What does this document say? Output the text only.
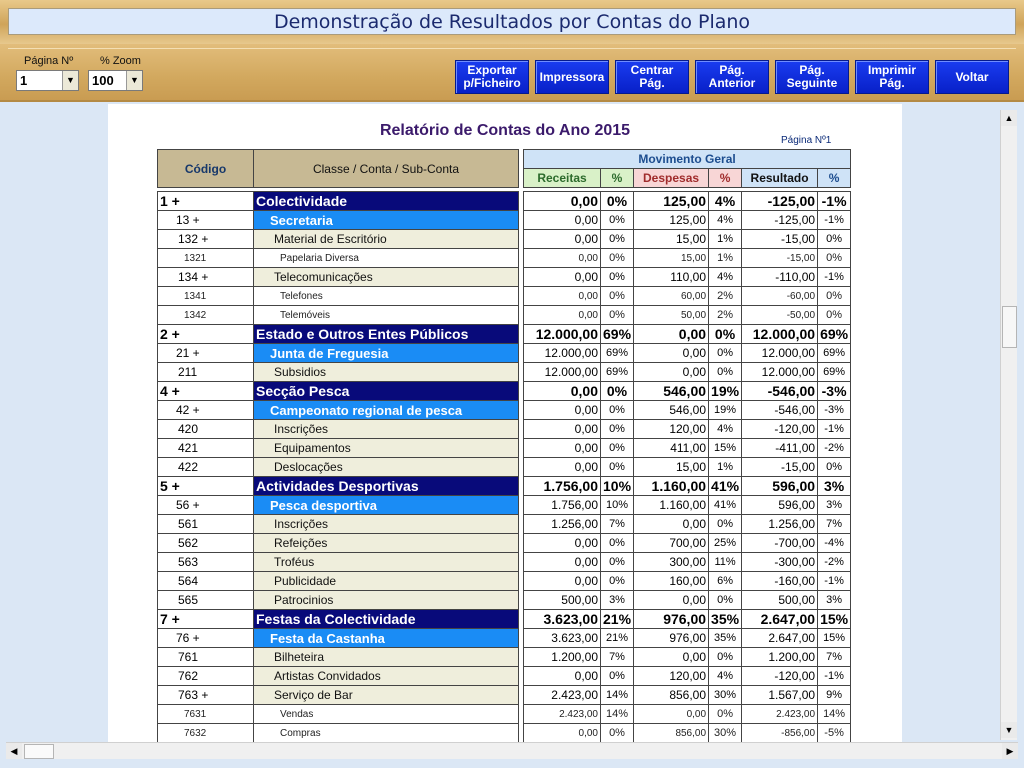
Demonstração de Resultados por Contas do Plano
Página Nº
1	▼
% Zoom
100	▼
Exportar
p/Ficheiro Impressora Centrar
Pág.
Pág.
Anterior
Pág.
Seguinte
Imprimir
Pág.	Voltar
Relatório de Contas do Ano 2015
Página Nº1
Código	Classe / Conta / Sub-Conta		Movimento Geral					
			Receitas	%	Despesas	%	Resultado	%

1 +	Colectividade		0,00	0%	125,00	4%	-125,00	-1%
13 +	Secretaria		0,00	0%	125,00	4%	-125,00	-1%
132 +	Material de Escritório		0,00	0%	15,00	1%	-15,00	0%
1321	Papelaria Diversa		0,00	0%	15,00	1%	-15,00	0%
134 +	Telecomunicações		0,00	0%	110,00	4%	-110,00	-1%
1341	Telefones		0,00	0%	60,00	2%	-60,00	0%
1342	Telemóveis		0,00	0%	50,00	2%	-50,00	0%
2 +	Estado e Outros Entes Públicos		12.000,00	69%	0,00	0%	12.000,00	69%
21 +	Junta de Freguesia		12.000,00	69%	0,00	0%	12.000,00	69%
211	Subsidios		12.000,00	69%	0,00	0%	12.000,00	69%
4 +	Secção Pesca		0,00	0%	546,00	19%	-546,00	-3%
42 +	Campeonato regional de pesca		0,00	0%	546,00	19%	-546,00	-3%
420	Inscrições		0,00	0%	120,00	4%	-120,00	-1%
421	Equipamentos		0,00	0%	411,00	15%	-411,00	-2%
422	Deslocações		0,00	0%	15,00	1%	-15,00	0%
5 +	Actividades Desportivas		1.756,00	10%	1.160,00	41%	596,00	3%
56 +	Pesca desportiva		1.756,00	10%	1.160,00	41%	596,00	3%
561	Inscrições		1.256,00	7%	0,00	0%	1.256,00	7%
562	Refeições		0,00	0%	700,00	25%	-700,00	-4%
563	Troféus		0,00	0%	300,00	11%	-300,00	-2%
564	Publicidade		0,00	0%	160,00	6%	-160,00	-1%
565	Patrocinios		500,00	3%	0,00	0%	500,00	3%
7 +	Festas da Colectividade		3.623,00	21%	976,00	35%	2.647,00	15%
76 +	Festa da Castanha		3.623,00	21%	976,00	35%	2.647,00	15%
761	Bilheteira		1.200,00	7%	0,00	0%	1.200,00	7%
762	Artistas Convidados		0,00	0%	120,00	4%	-120,00	-1%
763 +	Serviço de Bar		2.423,00	14%	856,00	30%	1.567,00	9%
7631	Vendas		2.423,00	14%	0,00	0%	2.423,00	14%
7632	Compras		0,00	0%	856,00	30%	-856,00	-5%
▲
▼
◀	▶
